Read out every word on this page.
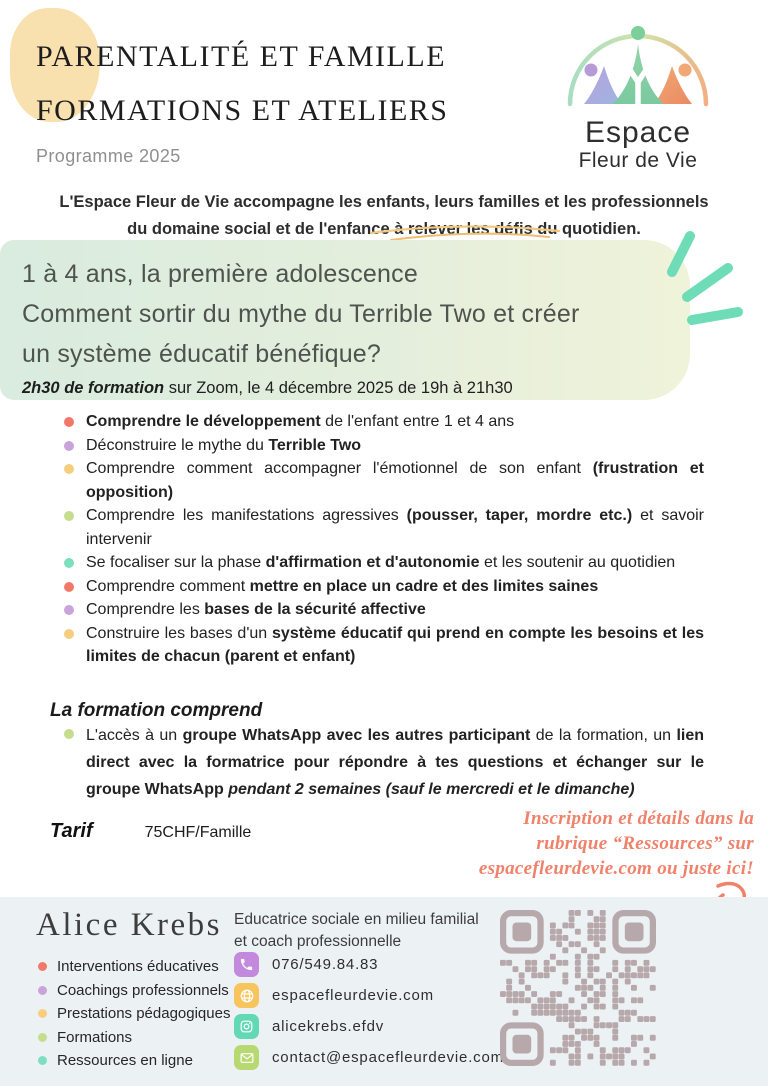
PARENTALITÉ ET FAMILLE
FORMATIONS ET ATELIERS
Programme 2025
Espace
Fleur de Vie

L'Espace Fleur de Vie accompagne les enfants, leurs familles et les professionnels
du domaine social et de l'enfance à relever les défis du quotidien.

1 à 4 ans, la première adolescence
Comment sortir du mythe du Terrible Two et créer un système éducatif bénéfique?
2h30 de formation sur Zoom, le 4 décembre 2025 de 19h à 21h30
Comprendre le développement de l'enfant entre 1 et 4 ans
Déconstruire le mythe du Terrible Two
Comprendre comment accompagner l'émotionnel de son enfant (frustration et opposition)
Comprendre les manifestations agressives (pousser, taper, mordre etc.) et savoir intervenir
Se focaliser sur la phase d'affirmation et d'autonomie et les soutenir au quotidien
Comprendre comment mettre en place un cadre et des limites saines
Comprendre les bases de la sécurité affective
Construire les bases d'un système éducatif qui prend en compte les besoins et les limites de chacun (parent et enfant)
La formation comprend
L'accès à un groupe WhatsApp avec les autres participant de la formation, un lien direct avec la formatrice pour répondre à tes questions et échanger sur le groupe WhatsApp pendant 2 semaines (sauf le mercredi et le dimanche)
Tarif	75CHF/Famille
Inscription et détails dans la
rubrique “Ressources” sur
espacefleurdevie.com ou juste ici!
Alice Krebs
Interventions éducatives
Coachings professionnels
Prestations pédagogiques
Formations
Ressources en ligne
Educatrice sociale en milieu familial
et coach professionnelle
076/549.84.83
espacefleurdevie.com
alicekrebs.efdv
contact@espacefleurdevie.com
